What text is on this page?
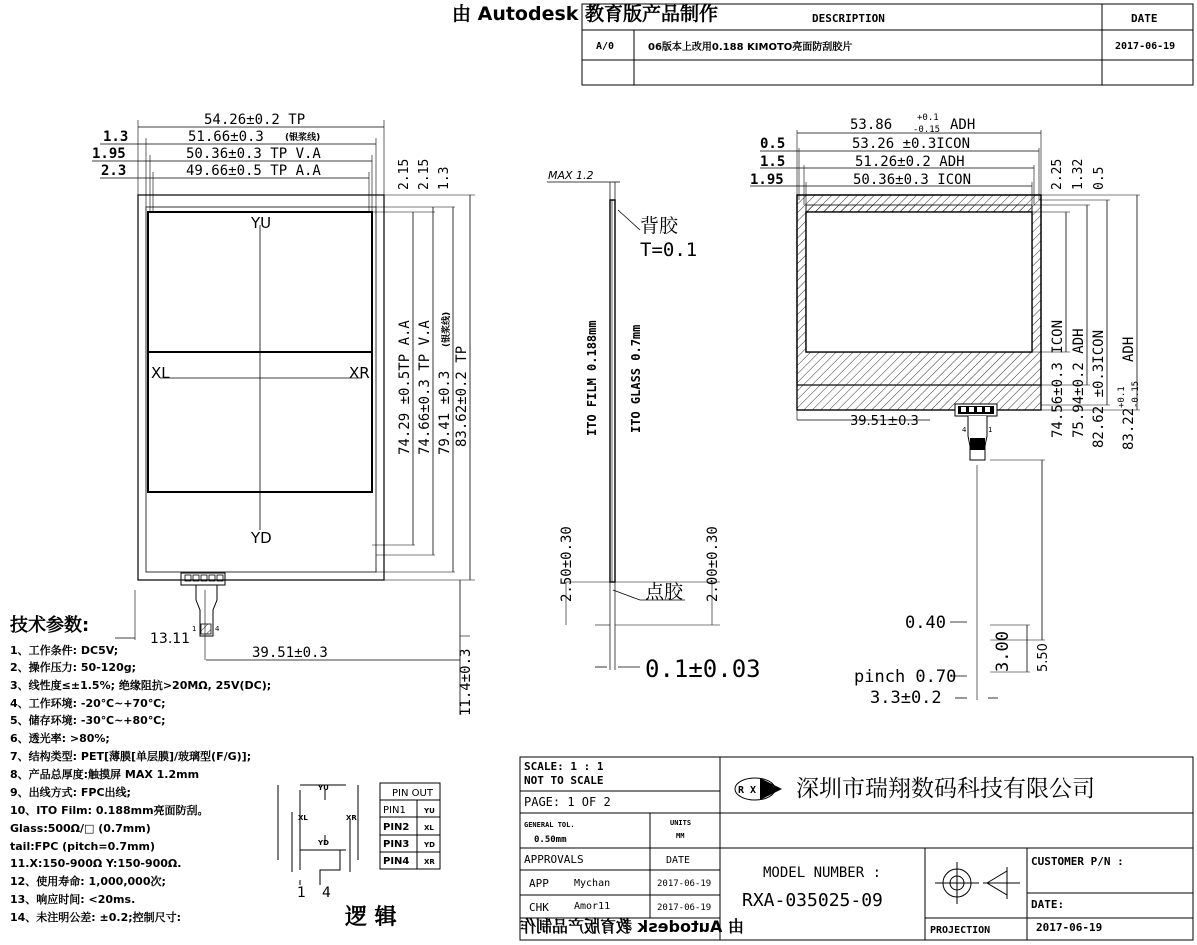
由 Autodesk 教育版产品制作	DESCRIPTION	DATE
A/0	06版本上改用0.188 KIMOTO亮面防刮胶片	2017-06-19
54.26±0.2 TP
51.66±0.3 (银浆线)
50.36±0.3 TP V.A
49.66±0.5 TP A.A
1.3
1.95
2.3	2.15 2.15 1.3
YU
YD
XL	XR 74.29 ±0.5TP A.A 74.66±0.3 TP V.A 79.41 ±0.3
(银浆线)
83.62±0.2 TP
13.11
39.51±0.3	11.4±0.3
1	4
MAX 1.2
背胶
T=0.1
ITO FILM 0.188mm	ITO GLASS 0.7mm
2.50±0.30	2.00±0.30
点胶
0.1±0.03
53.86	+0.1
-0.15 ADH
53.26 ±0.3ICON
51.26±0.2 ADH
50.36±0.3 ICON
0.5
1.5
1.95	2.25 1.32 0.5
74.56±0.3 ICON 75.94±0.2 ADH 82.62 ±0.3ICON 83.22
+0.1 -0.15
ADH
39.51±0.3
1
4
0.40
3.00 5.50
pinch 0.70
3.3±0.2
技术参数:
1、工作条件: DC5V;
2、操作压力: 50-120g;
3、线性度≤±1.5%; 绝缘阻抗>20MΩ, 25V(DC);
4、工作环境: -20℃~+70℃;
5、储存环境: -30℃~+80℃;
6、透光率: >80%;
7、结构类型: PET[薄膜[单层膜]/玻璃型(F/G)];
8、产品总厚度:触摸屏 MAX 1.2mm
9、出线方式: FPC出线;
10、ITO Film: 0.188mm亮面防刮。
Glass:500Ω/□ (0.7mm)
tail:FPC (pitch=0.7mm)
11.X:150-900Ω Y:150-900Ω.
12、使用寿命: 1,000,000次;
13、响应时间: <20ms.
14、未注明公差: ±0.2;控制尺寸:
YU
YD
XL	XR
1 4
逻 辑
PIN OUT
PIN1	YU
PIN2 XL
PIN3 YD
PIN4 XR
SCALE: 1 : 1
NOT TO SCALE
PAGE: 1 OF 2
GENERAL TOL.
0.50mm
UNITS
MM
APPROVALS	DATE
APP	Mychan	2017-06-19
CHK	Amor11	2017-06-19
R X 深圳市瑞翔数码科技有限公司
MODEL NUMBER :
RXA-035025-09
PROJECTION
CUSTOMER P/N :
DATE:
2017-06-19
由 Autodesk 教育版产品制作
